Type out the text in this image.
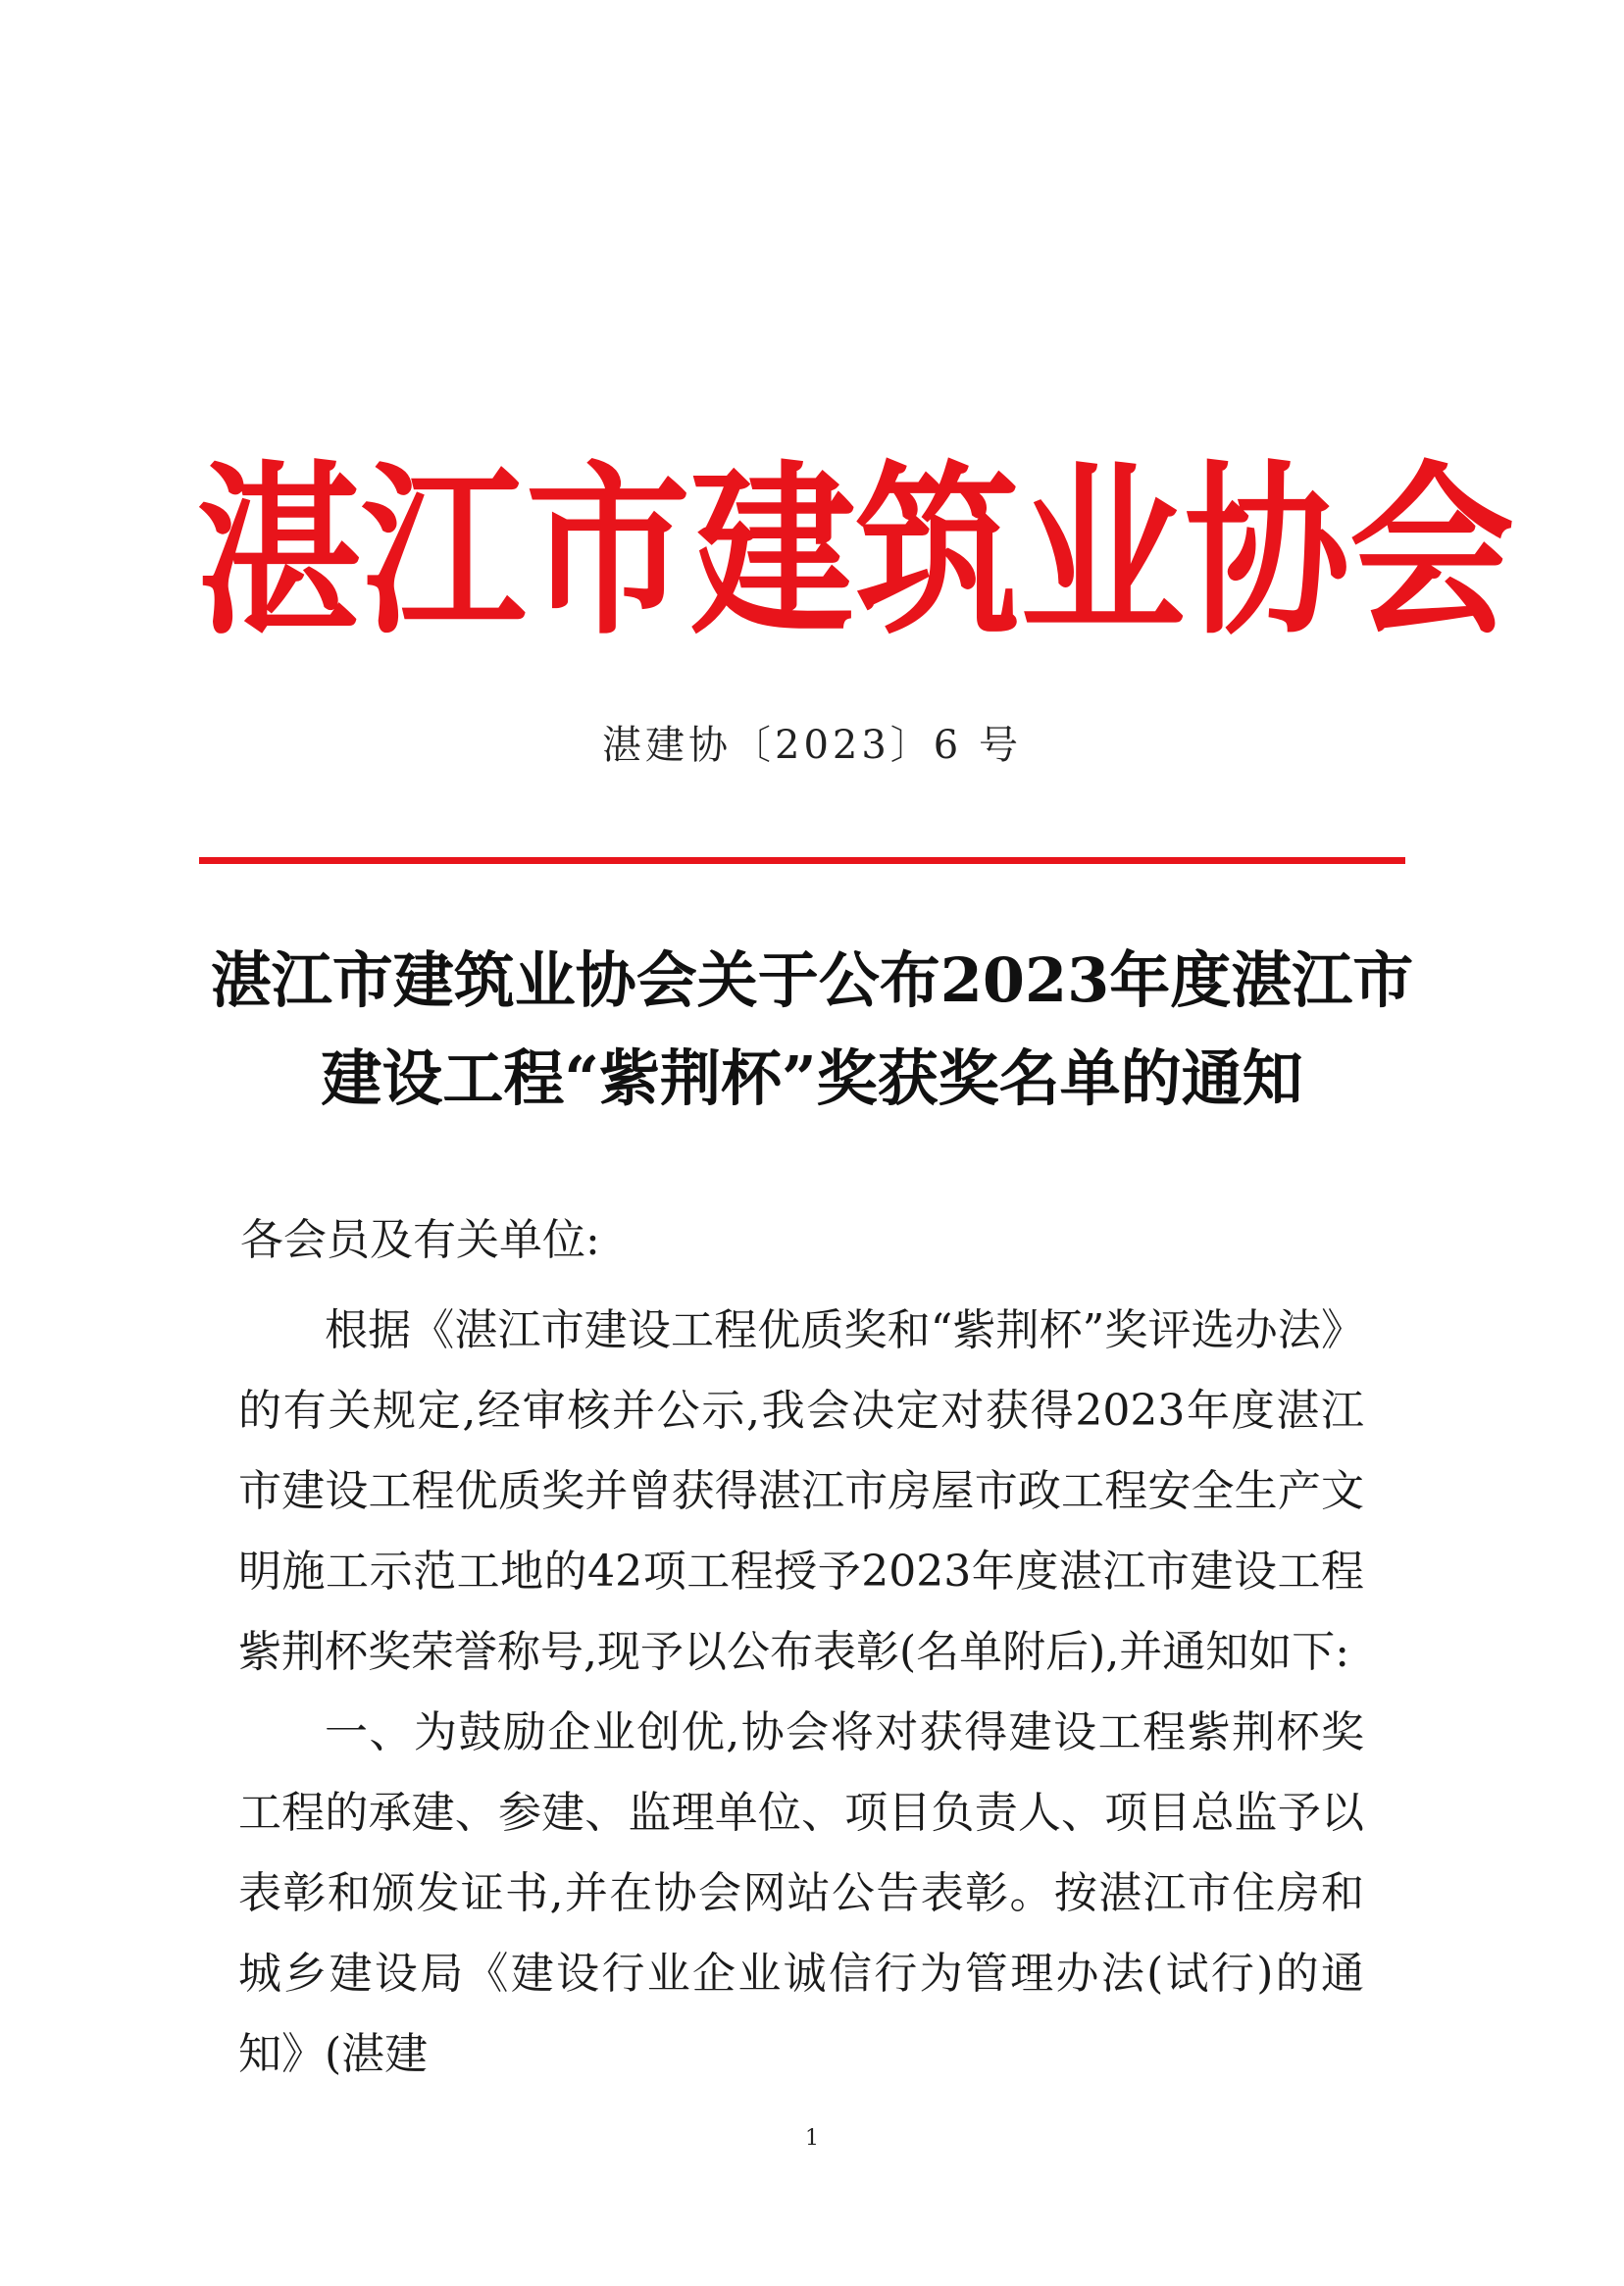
湛 江 市 建 筑 业 协 会
湛建协〔2023〕6 号
湛江市建筑业协会关于公布2023年度湛江市
建设工程“紫荆杯”奖获奖名单的通知
各会员及有关单位:

根据《湛江市建设工程优质奖和“紫荆杯”奖评选办法》的有关规定,经审核并公示,我会决定对获得2023年度湛江市建设工程优质奖并曾获得湛江市房屋市政工程安全生产文明施工示范工地的42项工程授予2023年度湛江市建设工程紫荆杯奖荣誉称号,现予以公布表彰(名单附后),并通知如下:

一、为鼓励企业创优,协会将对获得建设工程紫荆杯奖工程的承建、参建、监理单位、项目负责人、项目总监予以表彰和颁发证书,并在协会网站公告表彰。按湛江市住房和城乡建设局《建设行业企业诚信行为管理办法(试行)的通知》(湛建

1
